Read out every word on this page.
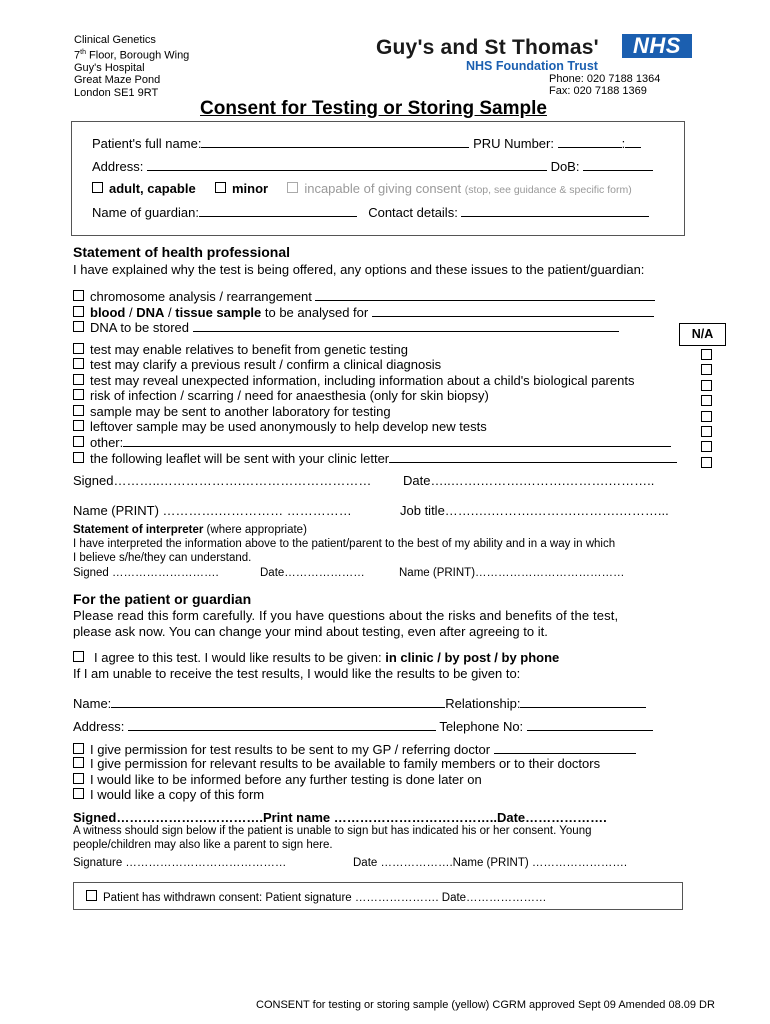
Clinical Genetics
7th Floor, Borough Wing
Guy's Hospital
Great Maze Pond
London SE1 9RT
Guy's and St Thomas'	NHS
NHS Foundation Trust
Phone: 020 7188 1364
Fax: 020 7188 1369
Consent for Testing or Storing Sample
Patient's full name:	PRU Number:	:
Address:	DoB:
adult, capable	minor	incapable of giving consent (stop, see guidance & specific form)
Name of guardian:	Contact details:
Statement of health professional
I have explained why the test is being offered, any options and these issues to the patient/guardian:
chromosome analysis / rearrangement
blood / DNA / tissue sample to be analysed for
DNA to be stored	N/A
test may enable relatives to benefit from genetic testing
test may clarify a previous result / confirm a clinical diagnosis
test may reveal unexpected information, including information about a child's biological parents
risk of infection / scarring / need for anaesthesia (only for skin biopsy)
sample may be sent to another laboratory for testing
leftover sample may be used anonymously to help develop new tests
other:
the following leaflet will be sent with your clinic letter
Signed………..……………….………………………… Date…..…….……….……….……….………..
Name (PRINT) ………….…………… ……………	Job title…….….……….……….……….………...
Statement of interpreter (where appropriate)
I have interpreted the information above to the patient/parent to the best of my ability and in a way in which
I believe s/he/they can understand.
Signed ……………………….	Date…………………	Name (PRINT)…………………………………
For the patient or guardian
Please read this form carefully. If you have questions about the risks and benefits of the test,
please ask now. You can change your mind about testing, even after agreeing to it.
I agree to this test. I would like results to be given: in clinic / by post / by phone
If I am unable to receive the test results, I would like the results to be given to:
Name:	Relationship:
Address:	Telephone No:
I give permission for test results to be sent to my GP / referring doctor
I give permission for relevant results to be available to family members or to their doctors
I would like to be informed before any further testing is done later on
I would like a copy of this form
Signed…………………………….Print name ………………………………..Date……………….
A witness should sign below if the patient is unable to sign but has indicated his or her consent. Young
people/children may also like a parent to sign here.
Signature ……………………………………	Date ……………….Name (PRINT) …………………….
Patient has withdrawn consent: Patient signature …………………. Date…………………
CONSENT for testing or storing sample (yellow) CGRM approved Sept 09 Amended 08.09 DR
